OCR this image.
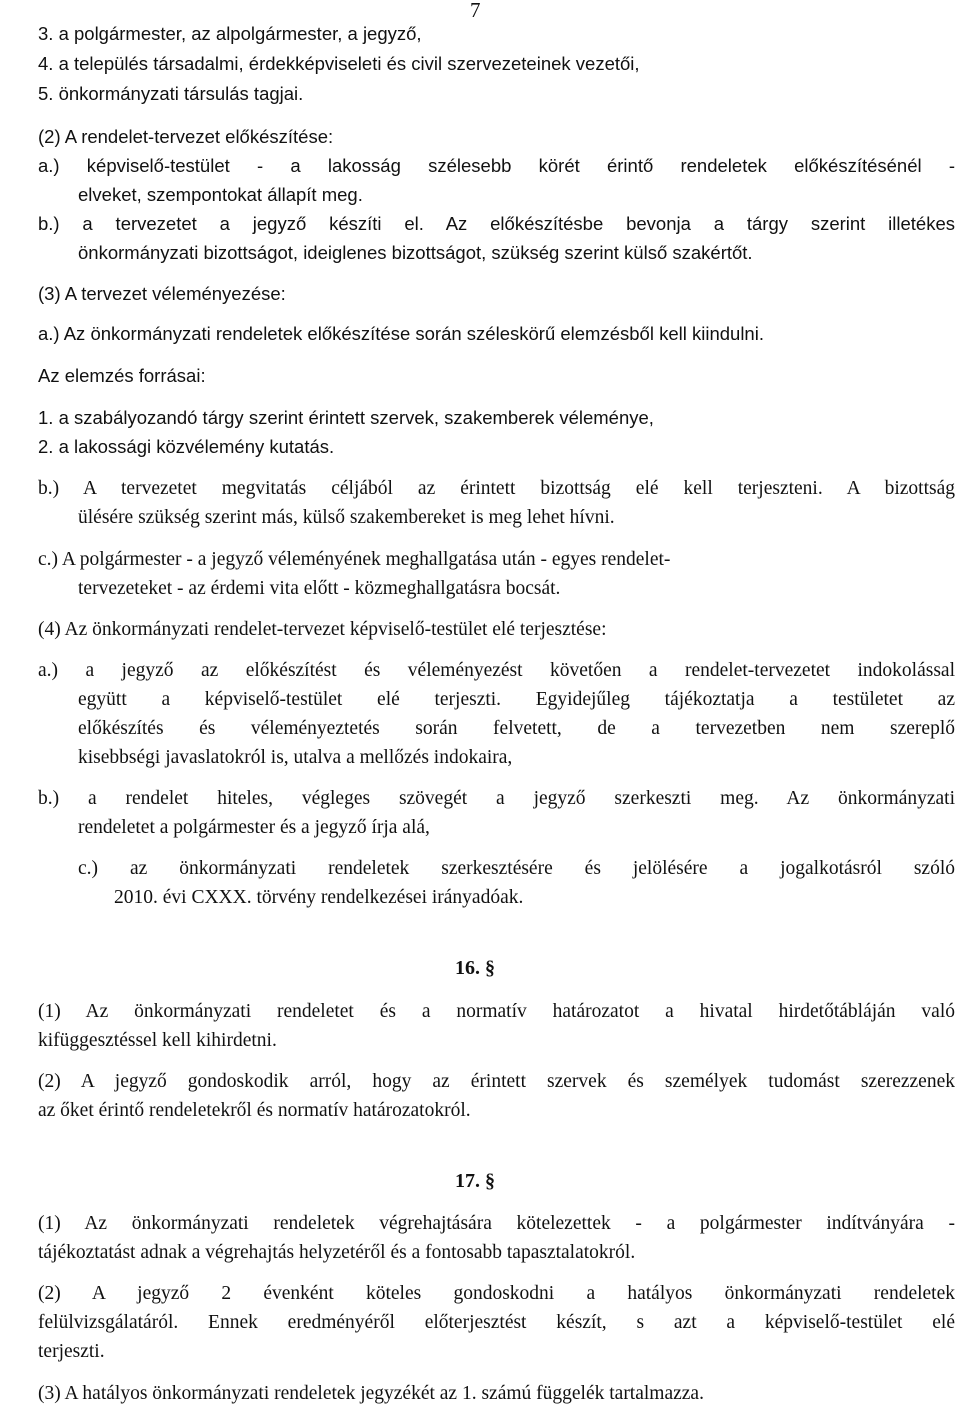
7
3. a polgármester, az alpolgármester, a jegyző,
4. a település társadalmi, érdekképviseleti és civil szervezeteinek vezetői,
5. önkormányzati társulás tagjai.
(2) A rendelet-tervezet előkészítése:
a.) képviselő-testület - a lakosság szélesebb körét érintő rendeletek előkészítésénél -
elveket, szempontokat állapít meg.
b.) a tervezetet a jegyző készíti el. Az előkészítésbe bevonja a tárgy szerint illetékes
önkormányzati bizottságot, ideiglenes bizottságot, szükség szerint külső szakértőt.
(3) A tervezet véleményezése:
a.) Az önkormányzati rendeletek előkészítése során széleskörű elemzésből kell kiindulni.
Az elemzés forrásai:
1. a szabályozandó tárgy szerint érintett szervek, szakemberek véleménye,
2. a lakossági közvélemény kutatás.
b.) A tervezetet megvitatás céljából az érintett bizottság elé kell terjeszteni. A bizottság
ülésére szükség szerint más, külső szakembereket is meg lehet hívni.
c.) A polgármester - a jegyző véleményének meghallgatása után - egyes rendelet-
tervezeteket - az érdemi vita előtt - közmeghallgatásra bocsát.
(4) Az önkormányzati rendelet-tervezet képviselő-testület elé terjesztése:
a.) a jegyző az előkészítést és véleményezést követően a rendelet-tervezetet indokolással
együtt a képviselő-testület elé terjeszti. Egyidejűleg tájékoztatja a testületet az
előkészítés és véleményeztetés során felvetett, de a tervezetben nem szereplő
kisebbségi javaslatokról is, utalva a mellőzés indokaira,
b.) a rendelet hiteles, végleges szövegét a jegyző szerkeszti meg. Az önkormányzati
rendeletet a polgármester és a jegyző írja alá,
c.) az önkormányzati rendeletek szerkesztésére és jelölésére a jogalkotásról szóló
2010. évi CXXX. törvény rendelkezései irányadóak.
(1) Az önkormányzati rendeletet és a normatív határozatot a hivatal hirdetőtábláján való
kifüggesztéssel kell kihirdetni.
(2) A jegyző gondoskodik arról, hogy az érintett szervek és személyek tudomást szerezzenek
az őket érintő rendeletekről és normatív határozatokról.
(1) Az önkormányzati rendeletek végrehajtására kötelezettek - a polgármester indítványára -
tájékoztatást adnak a végrehajtás helyzetéről és a fontosabb tapasztalatokról.
(2) A jegyző 2 évenként köteles gondoskodni a hatályos önkormányzati rendeletek
felülvizsgálatáról. Ennek eredményéről előterjesztést készít, s azt a képviselő-testület elé
terjeszti.
(3) A hatályos önkormányzati rendeletek jegyzékét az 1. számú függelék tartalmazza.
16. §
17. §
